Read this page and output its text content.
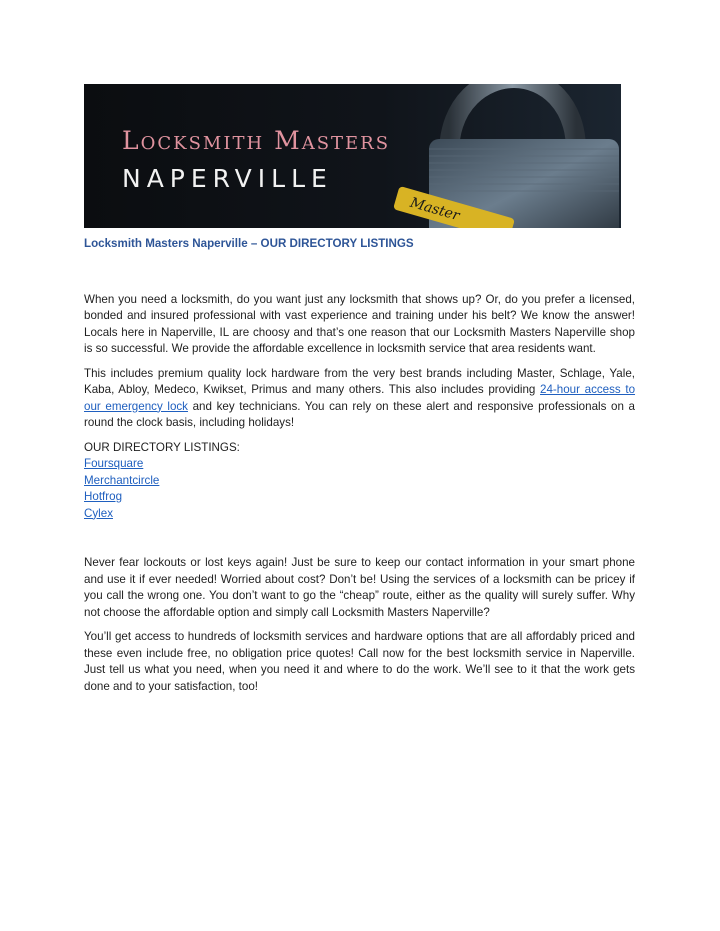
Master
Locksmith Masters
NAPERVILLE
Locksmith Masters Naperville – OUR DIRECTORY LISTINGS

When you need a locksmith, do you want just any locksmith that shows up? Or, do you prefer a licensed, bonded and insured professional with vast experience and training under his belt? We know the answer! Locals here in Naperville, IL are choosy and that’s one reason that our Locksmith Masters Naperville shop is so successful. We provide the affordable excellence in locksmith service that area residents want.

This includes premium quality lock hardware from the very best brands including Master, Schlage, Yale, Kaba, Abloy, Medeco, Kwikset, Primus and many others. This also includes providing 24-hour access to our emergency lock and key technicians. You can rely on these alert and responsive professionals on a round the clock basis, including holidays!

OUR DIRECTORY LISTINGS:
Foursquare
Merchantcircle
Hotfrog
Cylex

Never fear lockouts or lost keys again! Just be sure to keep our contact information in your smart phone and use it if ever needed! Worried about cost? Don’t be! Using the services of a locksmith can be pricey if you call the wrong one. You don’t want to go the “cheap” route, either as the quality will surely suffer. Why not choose the affordable option and simply call Locksmith Masters Naperville?

You’ll get access to hundreds of locksmith services and hardware options that are all affordably priced and these even include free, no obligation price quotes! Call now for the best locksmith service in Naperville. Just tell us what you need, when you need it and where to do the work. We’ll see to it that the work gets done and to your satisfaction, too!
